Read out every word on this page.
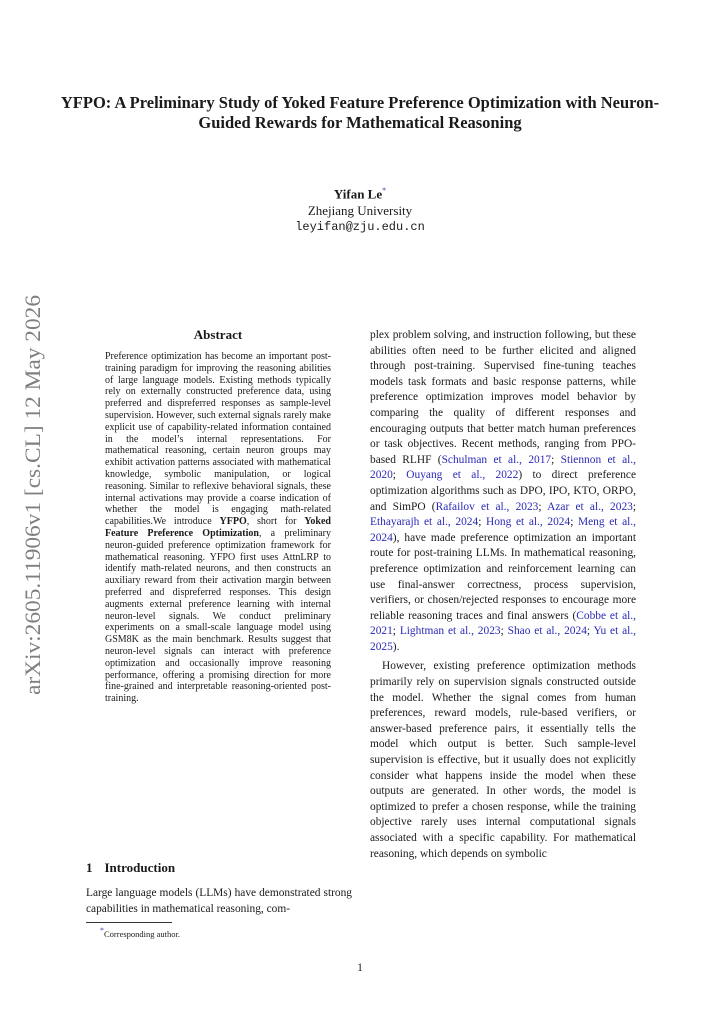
arXiv:2605.11906v1 [cs.CL] 12 May 2026
YFPO: A Preliminary Study of Yoked Feature Preference Optimization with Neuron-Guided Rewards for Mathematical Reasoning
Yifan Le*
Zhejiang University
leyifan@zju.edu.cn
Abstract

Preference optimization has become an important post-training paradigm for improving the reasoning abilities of large language models. Existing methods typically rely on externally constructed preference data, using preferred and dispreferred responses as sample-level supervision. However, such external signals rarely make explicit use of capability-related information contained in the model’s internal representations. For mathematical reasoning, certain neuron groups may exhibit activation patterns associated with mathematical knowledge, symbolic manipulation, or logical reasoning. Similar to reflexive behavioral signals, these internal activations may provide a coarse indication of whether the model is engaging math-related capabilities.We introduce YFPO, short for Yoked Feature Preference Optimization, a preliminary neuron-guided preference optimization framework for mathematical reasoning. YFPO first uses AttnLRP to identify math-related neurons, and then constructs an auxiliary reward from their activation margin between preferred and dispreferred responses. This design augments external preference learning with internal neuron-level signals. We conduct preliminary experiments on a small-scale language model using GSM8K as the main benchmark. Results suggest that neuron-level signals can interact with preference optimization and occasionally improve reasoning performance, offering a promising direction for more fine-grained and interpretable reasoning-oriented post-training.

1 Introduction

Large language models (LLMs) have demonstrated strong capabilities in mathematical reasoning, com-

*Corresponding author.

plex problem solving, and instruction following, but these abilities often need to be further elicited and aligned through post-training. Supervised fine-tuning teaches models task formats and basic response patterns, while preference optimization improves model behavior by comparing the quality of different responses and encouraging outputs that better match human preferences or task objectives. Recent methods, ranging from PPO-based RLHF (Schulman et al., 2017; Stiennon et al., 2020; Ouyang et al., 2022) to direct preference optimization algorithms such as DPO, IPO, KTO, ORPO, and SimPO (Rafailov et al., 2023; Azar et al., 2023; Ethayarajh et al., 2024; Hong et al., 2024; Meng et al., 2024), have made preference optimization an important route for post-training LLMs. In mathematical reasoning, preference optimization and reinforcement learning can use final-answer correctness, process supervision, verifiers, or chosen/rejected responses to encourage more reliable reasoning traces and final answers (Cobbe et al., 2021; Lightman et al., 2023; Shao et al., 2024; Yu et al., 2025).

However, existing preference optimization methods primarily rely on supervision signals constructed outside the model. Whether the signal comes from human preferences, reward models, rule-based verifiers, or answer-based preference pairs, it essentially tells the model which output is better. Such sample-level supervision is effective, but it usually does not explicitly consider what happens inside the model when these outputs are generated. In other words, the model is optimized to prefer a chosen response, while the training objective rarely uses internal computational signals associated with a specific capability. For mathematical reasoning, which depends on symbolic

1
